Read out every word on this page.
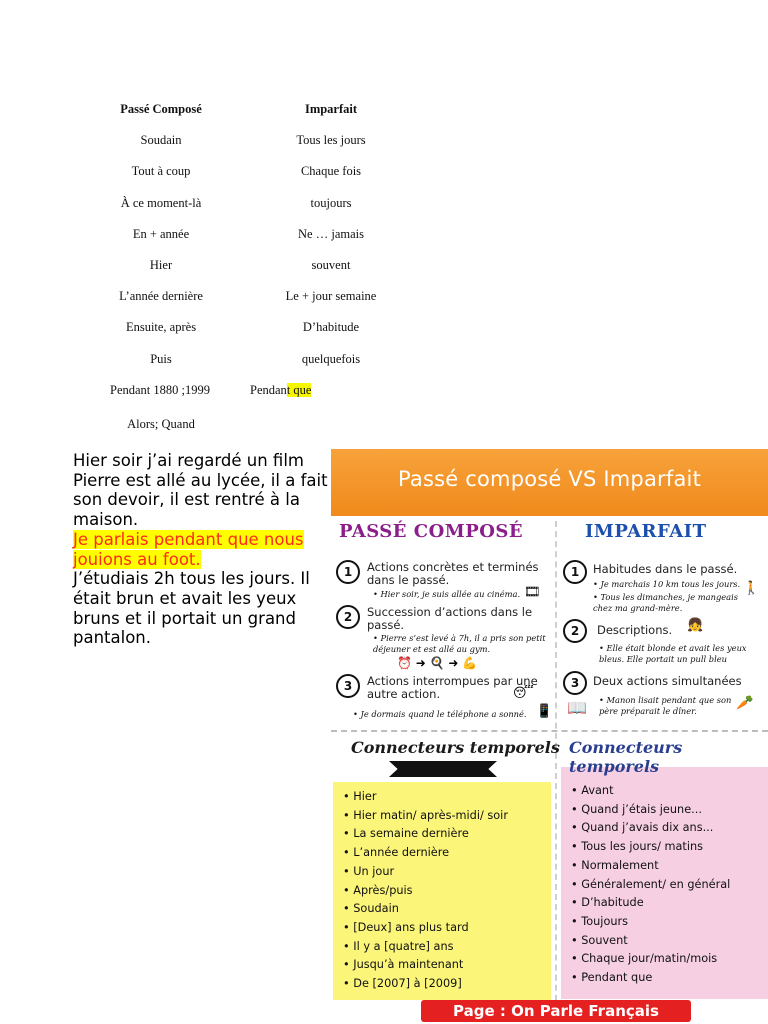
Passé Composé	Imparfait
Soudain	Tous les jours
Tout à coup	Chaque fois
À ce moment-là	toujours
En + année	Ne … jamais
Hier	souvent
L’année dernière	Le + jour semaine
Ensuite, après	D’habitude
Puis	quelquefois
Pendant 1880 ;1999	Pendant que
Alors; Quand

Hier soir j’ai regardé un film Pierre est allé au lycée, il a fait son devoir, il est rentré à la maison.

Je parlais pendant que nous jouions au foot.

J’étudiais 2h tous les jours. Il était brun et avait les yeux bruns et il portait un grand pantalon.

Passé composé VS Imparfait
PASSÉ COMPOSÉ	IMPARFAIT
1	Actions concrètes et terminés dans le passé.
• Hier soir, je suis allée au cinéma. 🎞
2	Succession d’actions dans le passé.
• Pierre s’est levé à 7h, il a pris son petit déjeuner et est allé au gym.
⏰ ➜ 🍳 ➜ 💪
3	Actions interrompues par une autre action.	😴
• Je dormais quand le téléphone a sonné. 📱
1	Habitudes dans le passé.
• Je marchais 10 km tous les jours.
• Tous les dimanches, je mangeais chez ma grand-mère.
🚶
2	Descriptions.	👧
• Elle était blonde et avait les yeux bleus. Elle portait un pull bleu
3	Deux actions simultanées
📖
•	Manon lisait pendant que son père préparait le dîner.	🥕
Connecteurs temporels Connecteurs temporels
• Hier
• Hier matin/ après-midi/ soir
• La semaine dernière
• L’année dernière
• Un jour
• Après/puis
• Soudain
• [Deux] ans plus tard
• Il y a [quatre] ans
• Jusqu’à maintenant
• De [2007] à [2009]
• Avant
• Quand j’étais jeune...
• Quand j’avais dix ans...
• Tous les jours/ matins
• Normalement
• Généralement/ en général
• D’habitude
• Toujours
• Souvent
• Chaque jour/matin/mois
• Pendant que
Page : On Parle Français
